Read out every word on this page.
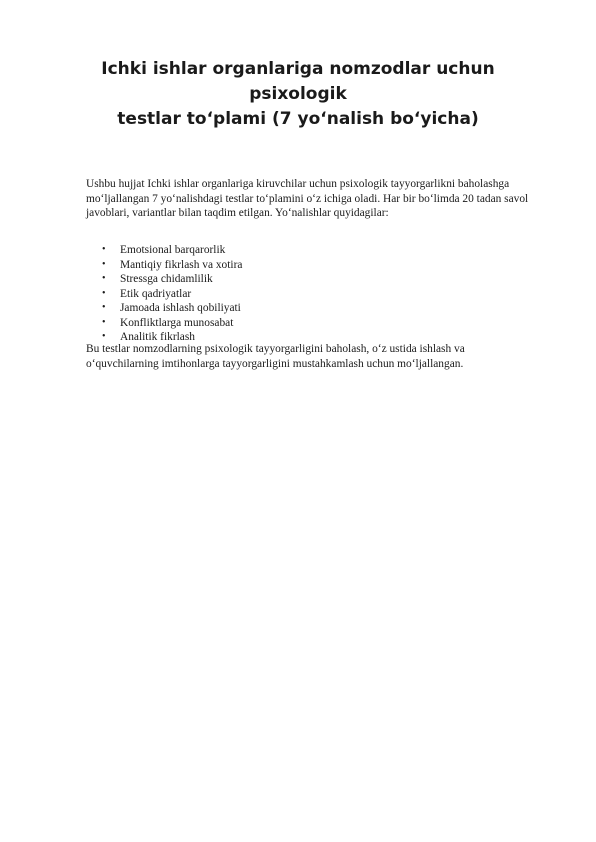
Ichki ishlar organlariga nomzodlar uchun psixologik
testlar to‘plami (7 yo‘nalish bo‘yicha)

Ushbu hujjat Ichki ishlar organlariga kiruvchilar uchun psixologik tayyorgarlikni baholashga
mo‘ljallangan 7 yo‘nalishdagi testlar to‘plamini o‘z ichiga oladi. Har bir bo‘limda 20 tadan savol
javoblari, variantlar bilan taqdim etilgan. Yo‘nalishlar quyidagilar:

• Emotsional barqarorlik
• Mantiqiy fikrlash va xotira
• Stressga chidamlilik
• Etik qadriyatlar
• Jamoada ishlash qobiliyati
• Konfliktlarga munosabat
• Analitik fikrlash

Bu testlar nomzodlarning psixologik tayyorgarligini baholash, o‘z ustida ishlash va
o‘quvchilarning imtihonlarga tayyorgarligini mustahkamlash uchun mo‘ljallangan.
